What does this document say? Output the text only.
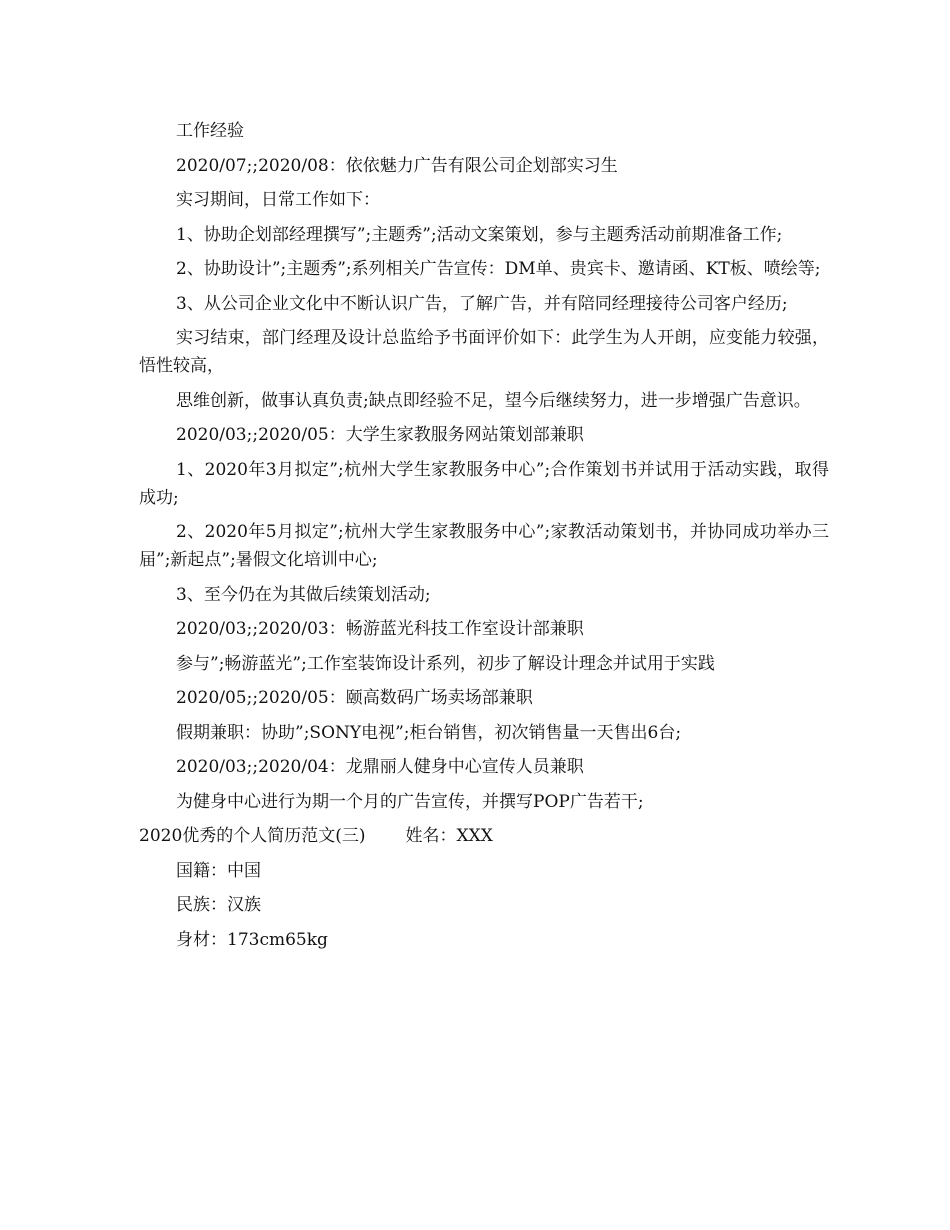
工作经验

2020/07;;2020/08：依依魅力广告有限公司企划部实习生

实习期间，日常工作如下：

1、协助企划部经理撰写”;主题秀”;活动文案策划，参与主题秀活动前期准备工作;

2、协助设计”;主题秀”;系列相关广告宣传：DM单、贵宾卡、邀请函、KT板、喷绘等;

3、从公司企业文化中不断认识广告，了解广告，并有陪同经理接待公司客户经历;

实习结束，部门经理及设计总监给予书面评价如下：此学生为人开朗，应变能力较强，悟性较高，

思维创新，做事认真负责;缺点即经验不足，望今后继续努力，进一步增强广告意识。

2020/03;;2020/05：大学生家教服务网站策划部兼职

1、2020年3月拟定”;杭州大学生家教服务中心”;合作策划书并试用于活动实践，取得成功;

2、2020年5月拟定”;杭州大学生家教服务中心”;家教活动策划书，并协同成功举办三届”;新起点”;暑假文化培训中心;

3、至今仍在为其做后续策划活动;

2020/03;;2020/03：畅游蓝光科技工作室设计部兼职

参与”;畅游蓝光”;工作室装饰设计系列，初步了解设计理念并试用于实践

2020/05;;2020/05：颐高数码广场卖场部兼职

假期兼职：协助”;SONY电视”;柜台销售，初次销售量一天售出6台;

2020/03;;2020/04：龙鼎丽人健身中心宣传人员兼职

为健身中心进行为期一个月的广告宣传，并撰写POP广告若干;

2020优秀的个人简历范文(三) 姓名：XXX

国籍：中国

民族：汉族

身材：173cm65kg
